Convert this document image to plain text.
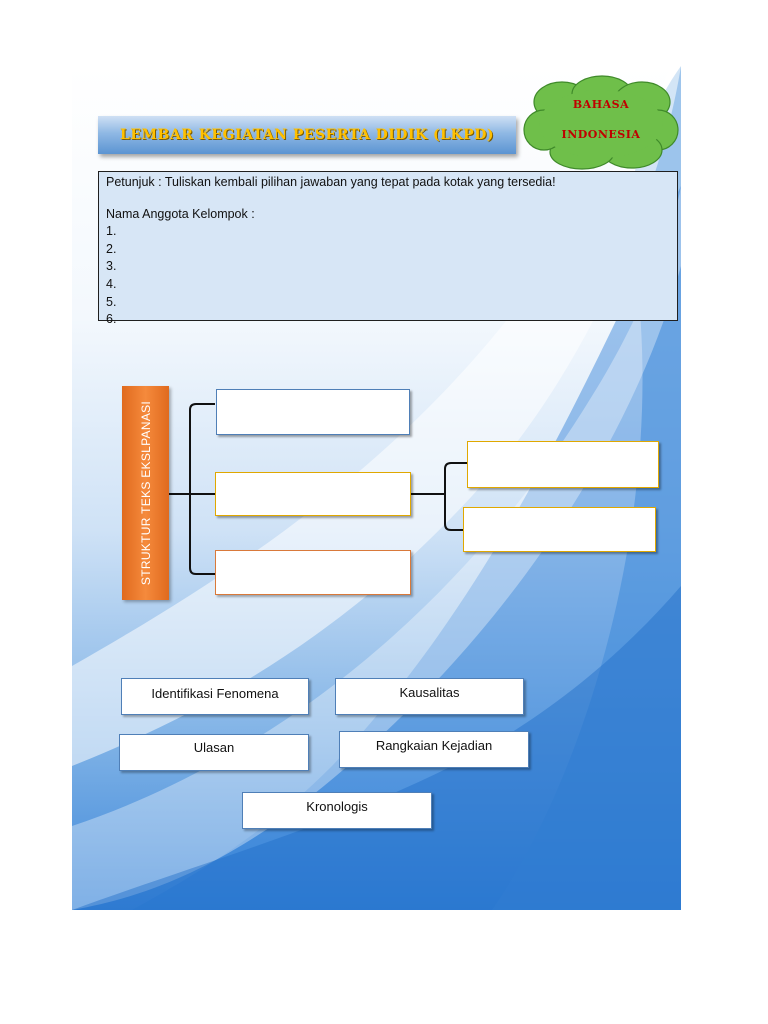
LEMBAR KEGIATAN PESERTA DIDIK (LKPD)
BAHASA
INDONESIA
Petunjuk : Tuliskan kembali pilihan jawaban yang tepat pada kotak yang tersedia!
Nama Anggota Kelompok :
1.
2.
3.
4.
5.
6.
STRUKTUR TEKS EKSLPANASI
Identifikasi Fenomena	Kausalitas
Ulasan	Rangkaian Kejadian
Kronologis
